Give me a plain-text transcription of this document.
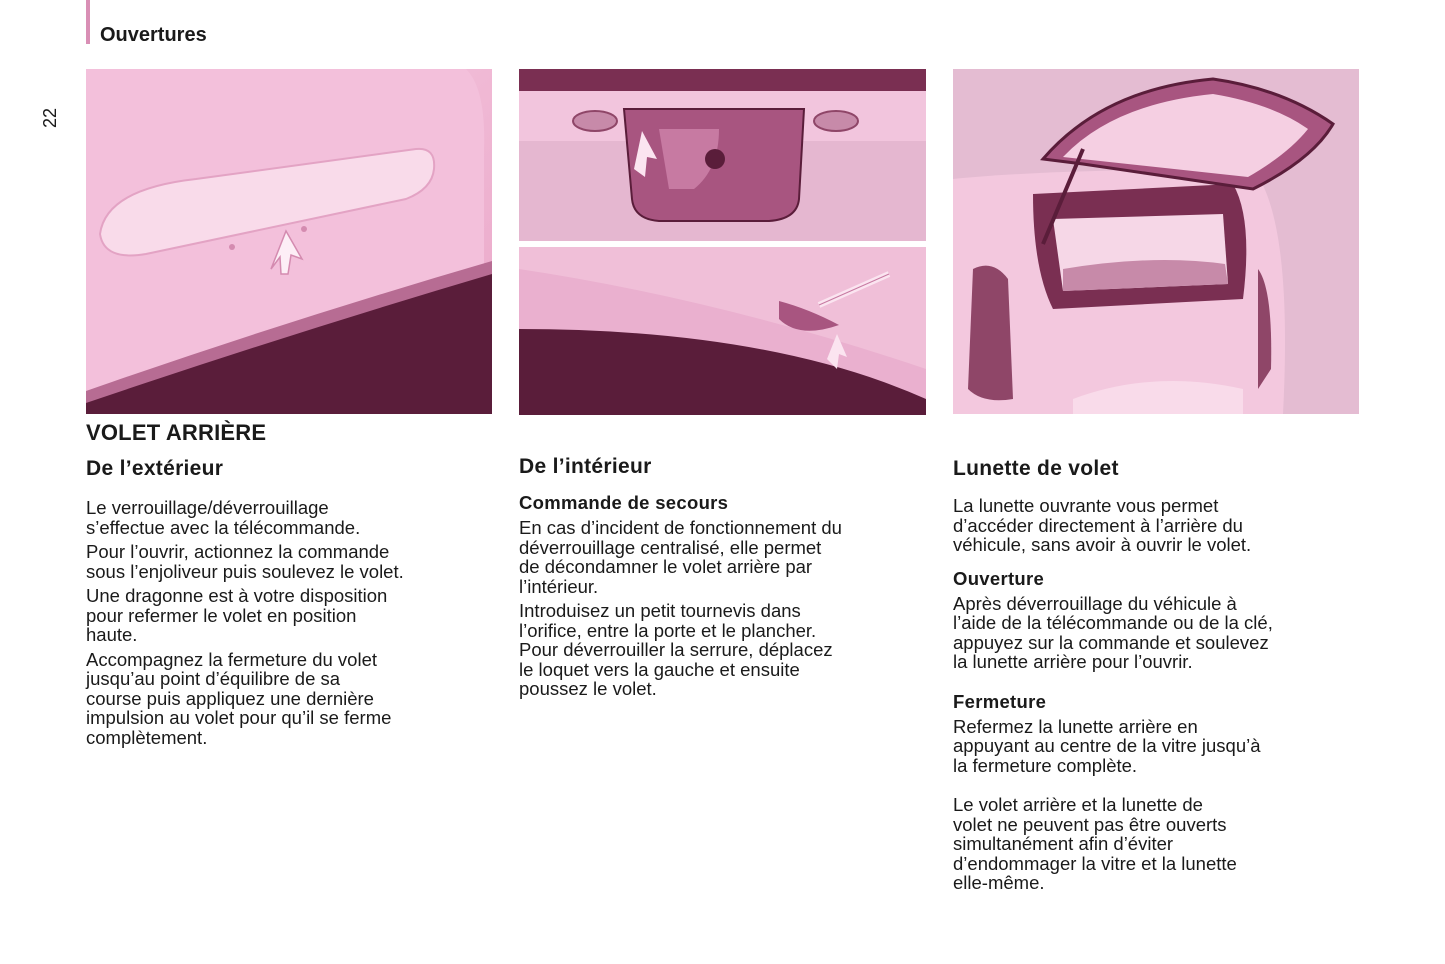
Ouvertures
22
VOLET ARRIÈRE
De l’extérieur

Le verrouillage/déverrouillage
s’effectue avec la télécommande.

Pour l’ouvrir, actionnez la commande
sous l’enjoliveur puis soulevez le volet.

Une dragonne est à votre disposition
pour refermer le volet en position
haute.

Accompagnez la fermeture du volet
jusqu’au point d’équilibre de sa
course puis appliquez une dernière
impulsion au volet pour qu’il se ferme
complètement.

De l’intérieur
Commande de secours

En cas d’incident de fonctionnement du
déverrouillage centralisé, elle permet
de décondamner le volet arrière par
l’intérieur.

Introduisez un petit tournevis dans
l’orifice, entre la porte et le plancher.
Pour déverrouiller la serrure, déplacez
le loquet vers la gauche et ensuite
poussez le volet.

Lunette de volet

La lunette ouvrante vous permet
d’accéder directement à l’arrière du
véhicule, sans avoir à ouvrir le volet.

Ouverture

Après déverrouillage du véhicule à
l’aide de la télécommande ou de la clé,
appuyez sur la commande et soulevez
la lunette arrière pour l’ouvrir.

Fermeture

Refermez la lunette arrière en
appuyant au centre de la vitre jusqu’à
la fermeture complète.

Le volet arrière et la lunette de
volet ne peuvent pas être ouverts
simultanément afin d’éviter
d’endommager la vitre et la lunette
elle-même.
